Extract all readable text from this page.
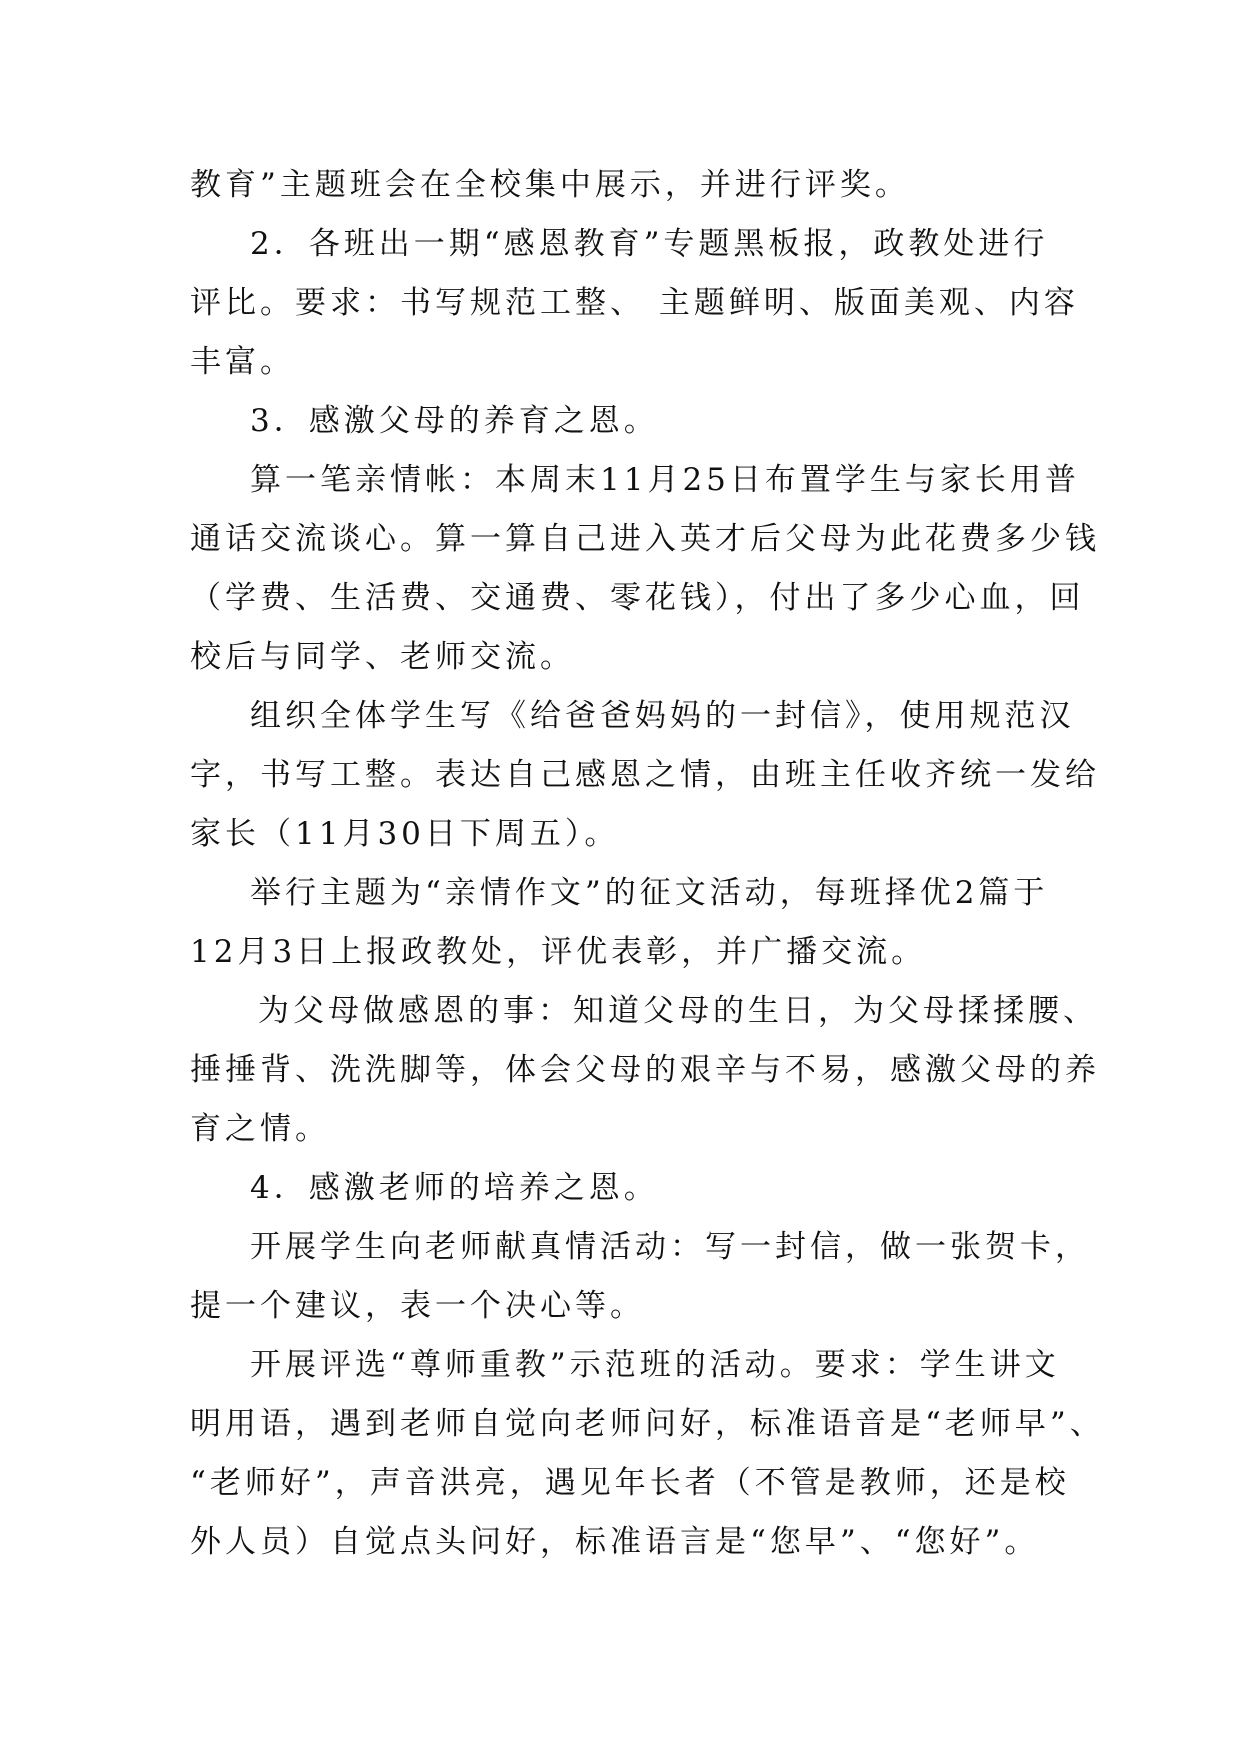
教育”主题班会在全校集中展示，并进行评奖。
2．各班出一期“感恩教育”专题黑板报，政教处进行
评比。要求：书写规范工整、 主题鲜明、版面美观、内容
丰富。
3．感激父母的养育之恩。
算一笔亲情帐：本周末11月25日布置学生与家长用普
通话交流谈心。算一算自己进入英才后父母为此花费多少钱
（学费、生活费、交通费、零花钱），付出了多少心血，回
校后与同学、老师交流。
组织全体学生写《给爸爸妈妈的一封信》，使用规范汉
字，书写工整。表达自己感恩之情，由班主任收齐统一发给
家长（11月30日下周五）。
举行主题为“亲情作文”的征文活动，每班择优2篇于
12月3日上报政教处，评优表彰，并广播交流。
为父母做感恩的事：知道父母的生日，为父母揉揉腰、
捶捶背、洗洗脚等，体会父母的艰辛与不易，感激父母的养
育之情。
4．感激老师的培养之恩。
开展学生向老师献真情活动：写一封信，做一张贺卡，
提一个建议，表一个决心等。
开展评选“尊师重教”示范班的活动。要求：学生讲文
明用语，遇到老师自觉向老师问好，标准语音是“老师早”、
“老师好”，声音洪亮，遇见年长者（不管是教师，还是校
外人员）自觉点头问好，标准语言是“您早”、“您好”。
